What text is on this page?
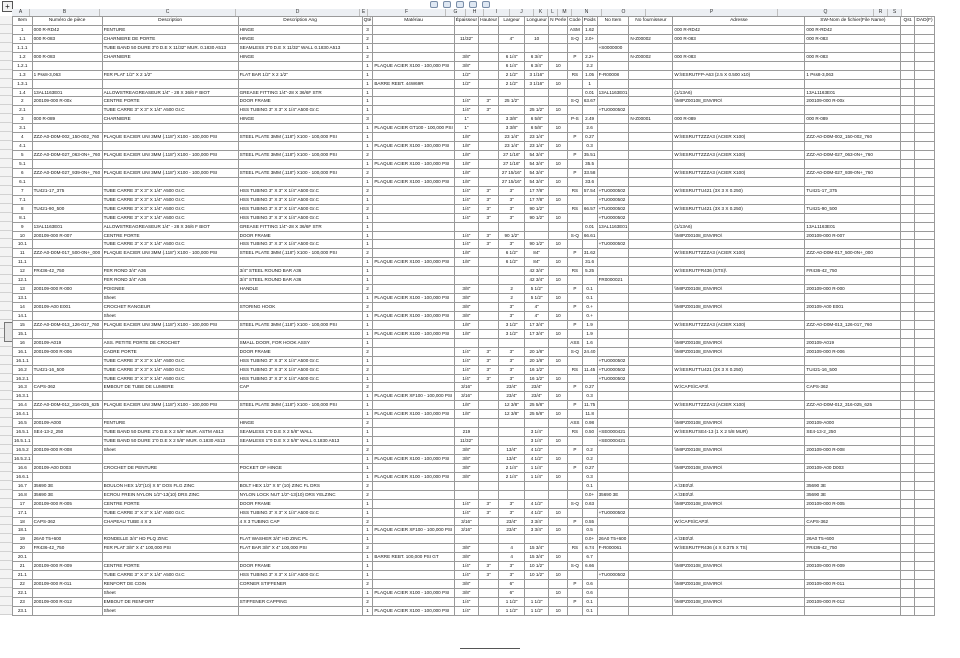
+
A	B	C	D	E	F	G	H	I	J	K	L	M	N	O	P	Q	R	S
Item	Numéro de pièce	Description	Description Ang	Qté	Matériau	Épaisseur	Hauteur	Largeur	Longueur	N Perle	Code	Poids	No Item	No fournisseur	Adresse	SW-Nom de fichier(File Name)	Qst.	DAD(F)
1	000 R-RD42	FENTURE	HINGE	3							ASM	1.62			000 R-RD42	000 R-RD42		
1.1	000 R-083	CHARNIERE DE PORTE	HINGE	2		11/32"		4"	10		S-Q	2.0+		N-Z00002	000 R-083	000 R-083		
1.1.1		TUBE BAND 50 DURE 3"0 D.E X 11/32" MUR. 0.1830 A513	SEAMLESS 3"0 D.E X 11/32" WALL 0.1830 A513	1									+S0000000					
1.2	000 R-083	CHARNIERE	HINGE	2		3/8"		6 1/4"	6 3/4"		P	2.2+		N-Z00002	000 R-083	000 R-083		
1.2.1				1	PLAQUE ACIER X100 - 100,000 PSI	3/8"		6 1/4"	6 3/4"	10		2.2						
1.3	1 Pss8-3,063	FER PLAT 1/2" X 2 1/2"	FLAT BAR 1/2" X 2 1/2"	1		1/2"		2 1/2"	3 1/16"		RS	1.05	F-R00008		W:\IESRUTFP-A63 (2.5 X 0.500 x10)	1 Pss8-3,063		
1.3.1				1	BARRE REBT. 44W69R	1/2"		2 1/2"	3 1/16"	10		1						
1.4	13AL1163E01	ALLOWSTREAGREASEUR 1/4" - 28 X 36/6 F BIOT	GREASE FITTING 1/4"-28 X 36/6F STR	1								0.01	13AL1163E01		(1/13A6)	13AL1163E01		
2	200109-000 R-00x	CENTRE PORTE	DOOR FRAME	1		1/4"	3"	25 1/2"			S-Q	63.67			\\MIPZ00108_ENVIRO\	200109-000 R-00x		
2.1		TUBE CARRE 3" X 3" X 1/4" A500 Gr.C	HSS TUBING 3" X 3" X 1/4" A500 Gr.C	1		1/4"	3"		25 1/2"	10			+TU0000502					
3	000 R-089	CHARNIERE	HINGE	3		1"		3 3/8"	6 5/8"		P-S	2.49		N-Z00001	000 R-089	000 R-089		
3.1				1	PLAQUE ACIER GT100 - 100,000 PSI	1"		3 3/8"	6 5/8"	10		2.6						
4	ZZZ-A0-D0M-002_150-002_760	PLAQUE EACIER UNI 3MM (.118") X100 - 100,000 PSI	STEEL PLATE 3MM (.118") X100 - 100,000 PSI	1		1/8"		23 1/4"	23 1/4"		P	0.27			W:\IESRUTTZZZA3 (ACIER X100)	ZZZ-A0-D0M-002_150-002_760		
4.1				1	PLAQUE ACIER X100 - 100,000 PSI	1/8"		23 1/4"	23 1/4"	10		0.3						
5	ZZZ-A0-D0M-027_063-0N+_760	PLAQUE EACIER UNI 3MM (.118") X100 - 100,000 PSI	STEEL PLATE 3MM (.118") X100 - 100,000 PSI	2		1/8"		27 1/16"	54 3/4"		P	35.51			W:\IESRUTTZZZA3 (ACIER X100)	ZZZ-A0-D0M-027_063-0N+_760		
5.1				1	PLAQUE ACIER X100 - 100,000 PSI	1/8"		27 1/16"	54 3/4"	10		35.5						
6	ZZZ-A0-D0M-027_939-0N+_760	PLAQUE EACIER UNI 3MM (.118") X100 - 100,000 PSI	STEEL PLATE 3MM (.118") X100 - 100,000 PSI	2		1/8"		27 15/16"	54 3/4"		P	33.58			W:\IESRUTTZZZA3 (ACIER X100)	ZZZ-A0-D0M-027_939-0N+_760		
6.1				1	PLAQUE ACIER X100 - 100,000 PSI	1/8"		27 15/16"	54 3/4"	10		33.6						
7	TU421-17_375	TUBE CARRE 3" X 3" X 1/4" A500 Gr.C	HSS TUBING 3" X 3" X 1/4" A500 Gr.C	2		1/4"	3"	3"	17 7/8"		RS	57.54	+TU0000502		W:\IESRUTTU421 (3X 3 X 0.250)	TU421-17_375		
7.1		TUBE CARRE 3" X 3" X 1/4" A500 Gr.C	HSS TUBING 3" X 3" X 1/4" A500 Gr.C	1		1/4"	3"	3"	17 7/8"	10			+TU0000502					
8	TU421-90_500	TUBE CARRE 3" X 3" X 1/4" A500 Gr.C	HSS TUBING 3" X 3" X 1/4" A500 Gr.C	2		1/4"	3"	3"	90 1/2"		RS	66.57	+TU0000502		W:\IESRUTTU421 (3X 3 X 0.250)	TU421-90_500		
8.1		TUBE CARRE 3" X 3" X 1/4" A500 Gr.C	HSS TUBING 3" X 3" X 1/4" A500 Gr.C	1		1/4"	3"	3"	90 1/2"	10			+TU0000502					
9	13AL1163E01	ALLOWSTREAGREASEUR 1/4" - 28 X 36/6 F BIOT	GREASE FITTING 1/4"-28 X 36/6F STR	1								0.01	13AL1163E01		(1/13A6)	13AL1163E01		
10	200109-000 R-007	CENTRE PORTE	DOOR FRAME	1		1/4"	3"	90 1/2"			S-Q	66.61			\\MIPZ00108_ENVIRO\	200109-000 R-007		
10.1		TUBE CARRE 3" X 3" X 1/4" A500 Gr.C	HSS TUBING 3" X 3" X 1/4" A500 Gr.C	1		1/4"	3"	3"	90 1/2"	10			+TU0000502					
11	ZZZ-A0-D0M-017_500-0N+_000	PLAQUE EACIER UNI 3MM (.118") X100 - 100,000 PSI	STEEL PLATE 3MM (.118") X100 - 100,000 PSI	2		1/8"		6 1/2"	84"		P	31.62			W:\IESRUTTZZZA3 (ACIER X100)	ZZZ-A0-D0M-017_500-0N+_000		
11.1				1	PLAQUE ACIER X100 - 100,000 PSI	1/8"		6 1/2"	84"	10		31.6						
12	FR436-42_750	FER ROND 3/4" A36	3/4" STEEL ROUND BAR A36	1					42 3/4"		RS	5.25			W:\IESRUTFR436 (STS)\	FR436-42_750		
12.1		FER ROND 3/4" A36	3/4" STEEL ROUND BAR A36	1					42 3/4"	10			FR0000021					
13	200109-000 R-000	POIGNEE	HANDLE	2		3/8"		2	5 1/2"		P	0.1			\\MIPZ00108_ENVIRO\	200109-000 R-000		
13.1		Sheet		1	PLAQUE ACIER X100 - 100,000 PSI	3/8"		2	5 1/2"	10		0.1						
14	200109-A00 E001	CROCHET RANGEUR	STORING HOOK	2		3/8"		3"	4"		P	0.+			\\MIPZ00108_ENVIRO\	200109-A00 E001		
14.1		Sheet		1	PLAQUE ACIER X100 - 100,000 PSI	3/8"		3"	4"	10		0.+						
15	ZZZ-A0-D0M-013_126-017_760	PLAQUE EACIER UNI 3MM (.118") X100 - 100,000 PSI	STEEL PLATE 3MM (.118") X100 - 100,000 PSI	1		1/8"		3 1/2"	17 3/4"		P	1.9			W:\IESRUTTZZZA3 (ACIER X100)	ZZZ-A0-D0M-013_126-017_760		
15.1				1	PLAQUE ACIER X100 - 100,000 PSI	1/8"		3 1/2"	17 3/4"	10		1.9						
16	200109-A019	ASS. PETITE PORTE DE CROCHET	SMALL DOOR, FOR HOOK ASSY	1							ASS	1.6			\\MIPZ00108_ENVIRO\	200109-A019		
16.1	200109-000 R-006	CADRE PORTE	DOOR FRAME	2		1/4"	3"	3"	20 1/8"		S-Q	24.40			\\MIPZ00108_ENVIRO\	200109-000 R-006		
16.1.1		TUBE CARRE 3" X 3" X 1/4" A500 Gr.C	HSS TUBING 3" X 3" X 1/4" A500 Gr.C	1		1/4"	3"	3"	20 1/8"	10			+TU0000502					
16.2	TU421-16_500	TUBE CARRE 3" X 3" X 1/4" A500 Gr.C	HSS TUBING 3" X 3" X 1/4" A500 Gr.C	2		1/4"	3"	3"	16 1/2"		RS	11.45	+TU0000502		W:\IESRUTTU421 (3X 3 X 0.250)	TU421-16_500		
16.2.1		TUBE CARRE 3" X 3" X 1/4" A500 Gr.C	HSS TUBING 3" X 3" X 1/4" A500 Gr.C	1		1/4"	3"	3"	16 1/2"	10			+TU0000502					
16.3	CAPS-362	EMBOUT DE TUBE DE LUMIERE	CAP	2		3/16"		23/4"	23/4"		P	0.27			W:\CAPS\CAP3\	CAPS-362		
16.3.1				1	PLAQUE ACIER XF100 - 100,000 PSI	3/16"		23/4"	23/4"	10		0.3						
16.4	ZZZ-A0-D0M-012_316-025_625	PLAQUE EACIER UNI 3MM (.118") X100 - 100,000 PSI	STEEL PLATE 3MM (.118") X100 - 100,000 PSI	1		1/8"		12 3/8"	25 5/8"		P	11.75			W:\IESRUTTZZZA3 (ACIER X100)	ZZZ-A0-D0M-012_316-025_625		
16.4.1				1	PLAQUE ACIER X100 - 100,000 PSI	1/8"		12 3/8"	25 5/8"	10		11.8						
16.5	200109-A000	FENTURE	HINGE	2							ASS	0.98			\\MIPZ00108_ENVIRO\	200109-A000		
16.5.1	SE4-13-2_250	TUBE BAND 50 DURE 1"0 D.E X 2 5/8" MUR. ASTM A513	SEAMLESS 1"0 D.E X 2 5/8" WALL	1		219			3 1/4"		RS	0.50	+SE0000421		W:\IESRUTSE4-13 (1 X 2 5/8 MUR)	SE4-13-2_250		
16.5.1.1		TUBE BAND 50 DURE 1"0 D.E X 2 5/8" MUR. 0.1830 A513	SEAMLESS 1"0 D.E X 2 5/8" WALL 0.1830 A513	1		11/32"			3 1/4"	10			+SE0000421					
16.5.2	200109-000 R-008	Sheet		2		3/8"		13/4"	4 1/2"		P	0.2			\\MIPZ00108_ENVIRO\	200109-000 R-008		
16.5.2.1				1	PLAQUE ACIER X100 - 100,000 PSI	3/8"		13/4"	4 1/2"	10		0.2						
16.6	200109-A00 D003	CROCHET DE PENTURE	POCKET OF HINGE	1		3/8"		2 1/4"	1 1/4"		P	0.27			\\MIPZ00108_ENVIRO\	200109-A00 D003		
16.6.1				1	PLAQUE ACIER X100 - 100,000 PSI	3/8"		2 1/4"	1 1/4"	10		0.3						
16.7	35690 3E	BOULON HEX 1/2"(10) X 5" DOS FLG ZINC	BOLT HEX 1/2" X 5" (10) ZINC FL DRS	2								0.1			A:\3E0\3\	35690 3E		
16.8	35690 3E	ECROU FREIN NYLON 1/2"-13(10) DRS ZINC	NYLON LOCK NUT 1/2"-13(10) DRS YELZINC	2								0.0+	35690 3E		A:\3E0\3\	35690 3E		
17	200109-000 R-005	CENTRE PORTE	DOOR FRAME	1		1/4"	3"	3"	4 1/2"		S-Q	0.63			\\MIPZ00108_ENVIRO\	200109-000 R-005		
17.1		TUBE CARRE 3" X 3" X 1/4" A500 Gr.C	HSS TUBING 3" X 3" X 1/4" A500 Gr.C	1		1/4"	3"	3"	4 1/2"	10			+TU0000502					
18	CAPS-362	CHAPEAU TUBE 4 X 3	4 X 3 TUBING CAP	2		3/16"		23/4"	3 3/4"		P	0.55			W:\CAPS\CAP3\	CAPS-362		
18.1				1	PLAQUE ACIER XF100 - 100,000 PSI	3/16"		23/4"	3 3/4"	10		0.5						
19	26A0 T5+600	RONDELLE 3/4" HD PLQ ZINC	FLAT WASHER 3/4" HD ZINC PL	1								0.0+	26A0 T5+600		A:\3E0\3\	26A0 T5+600		
20	FR436-42_750	FER PLAT 3/8" X 4" 100,000 PSI	FLAT BAR 3/8" X 4" 100,000 PSI	2		3/8"		4	15 3/4"		RS	6.74	F-R000061		W:\IESRUTFR436 (4 X 0.375 X TS)	FR436-42_750		
20.1				1	BARRE REBT. 100,000 PSI GT	3/8"		4	15 3/4"	10		6.7						
21	200109-000 R-009	CENTRE PORTE	DOOR FRAME	1		1/4"	3"	3"	10 1/2"		S-Q	6.66			\\MIPZ00108_ENVIRO\	200109-000 R-009		
21.1		TUBE CARRE 3" X 3" X 1/4" A500 Gr.C	HSS TUBING 3" X 3" X 1/4" A500 Gr.C	1		1/4"	3"	3"	10 1/2"	10			+TU0000502					
22	200109-000 R-011	RENFORT DE COIN	CORNER STIFFENER	2		3/8"		6"			P	0.6			\\MIPZ00108_ENVIRO\	200109-000 R-011		
22.1		Sheet		1	PLAQUE ACIER X100 - 100,000 PSI	3/8"		6"		10		0.6						
23	200109-000 R-012	EMBOUT DE RENFORT	STIFFENER CAPPING	2		1/4"		1 1/2"	1 1/2"		P	0.1			\\MIPZ00108_ENVIRO\	200109-000 R-012		
23.1		Sheet		1	PLAQUE ACIER X100 - 100,000 PSI	1/4"		1 1/2"	1 1/2"	10		0.1						
